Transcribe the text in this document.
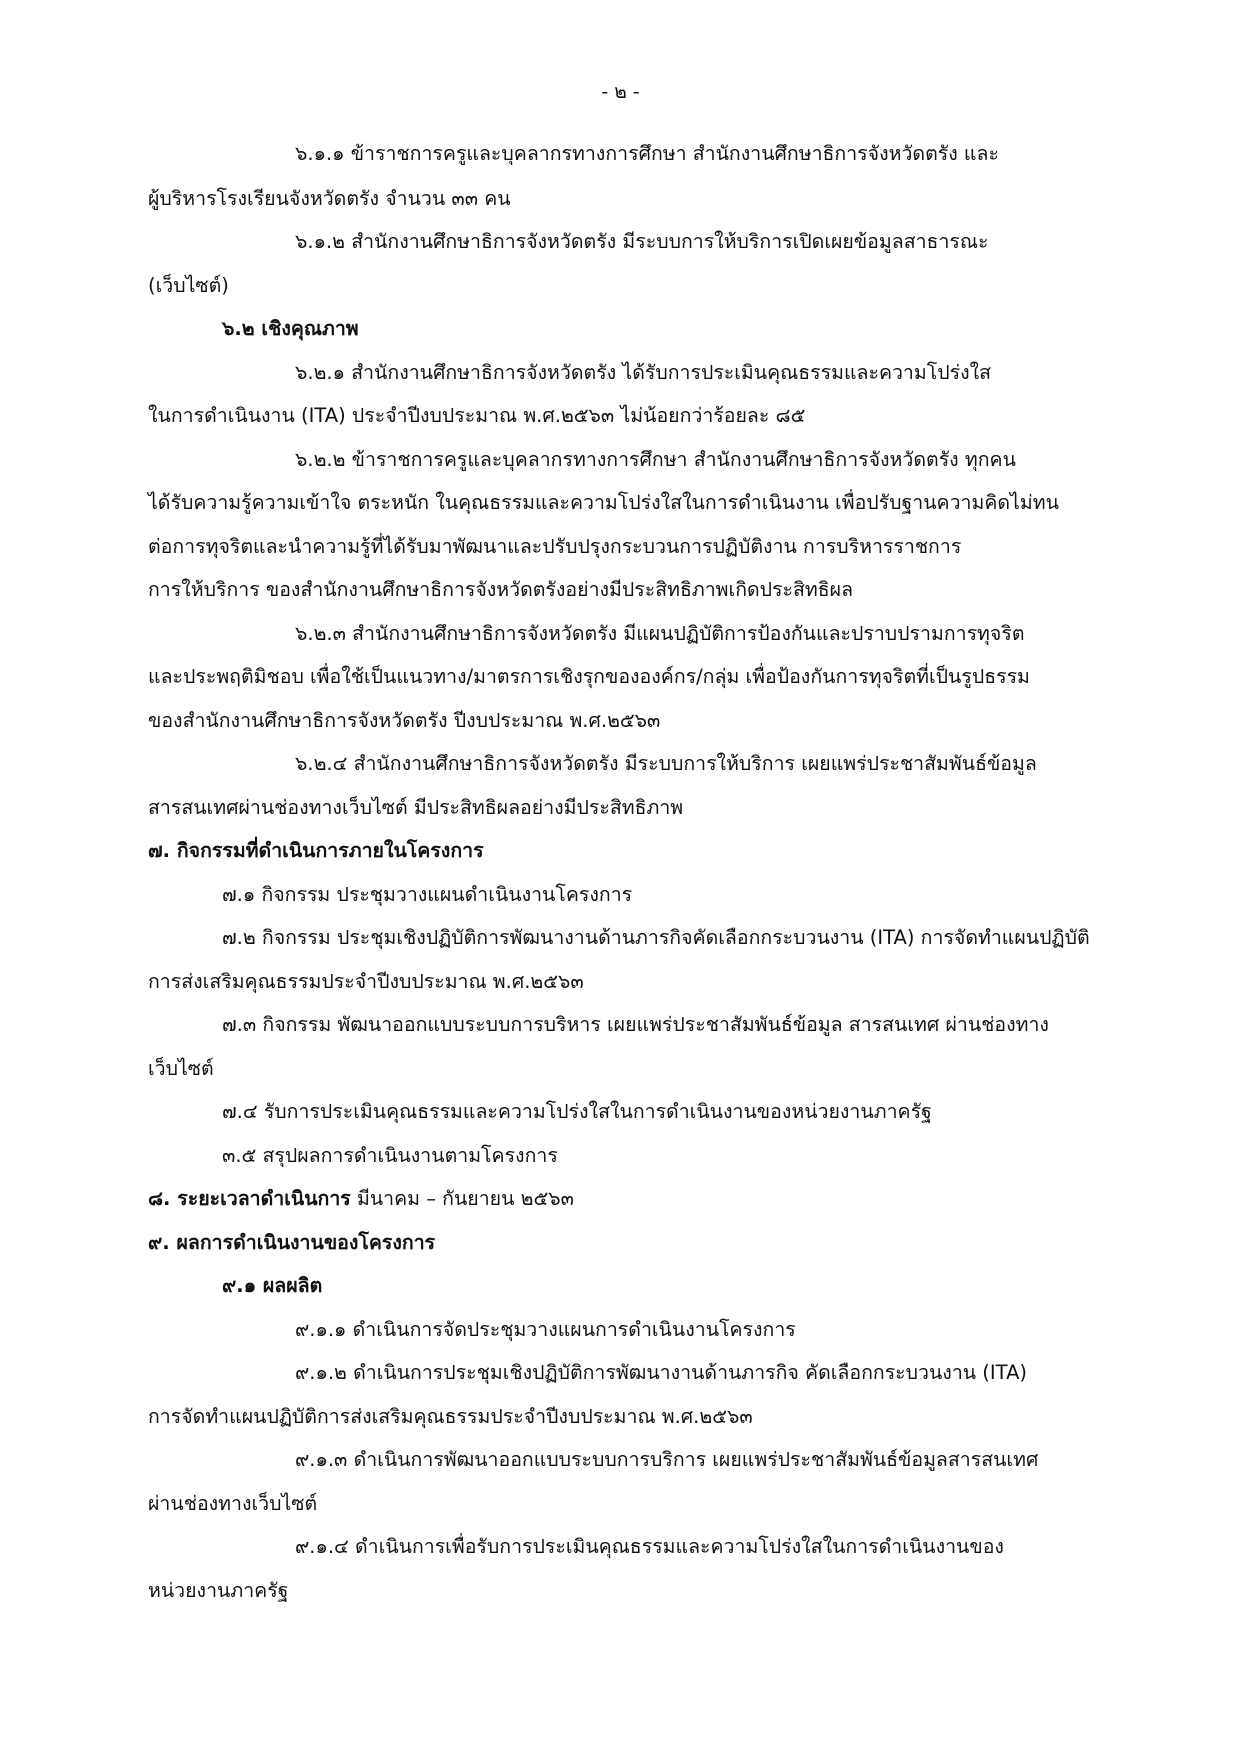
- ๒ -
๖.๑.๑ ข้าราชการครูและบุคลากรทางการศึกษา สำนักงานศึกษาธิการจังหวัดตรัง และ
ผู้บริหารโรงเรียนจังหวัดตรัง จำนวน ๓๓ คน
๖.๑.๒ สำนักงานศึกษาธิการจังหวัดตรัง มีระบบการให้บริการเปิดเผยข้อมูลสาธารณะ
(เว็บไซต์)
๖.๒ เชิงคุณภาพ
๖.๒.๑ สำนักงานศึกษาธิการจังหวัดตรัง ได้รับการประเมินคุณธรรมและความโปร่งใส
ในการดำเนินงาน (ITA) ประจำปีงบประมาณ พ.ศ.๒๕๖๓ ไม่น้อยกว่าร้อยละ ๘๕
๖.๒.๒ ข้าราชการครูและบุคลากรทางการศึกษา สำนักงานศึกษาธิการจังหวัดตรัง ทุกคน
ได้รับความรู้ความเข้าใจ ตระหนัก ในคุณธรรมและความโปร่งใสในการดำเนินงาน เพื่อปรับฐานความคิดไม่ทน
ต่อการทุจริตและนำความรู้ที่ได้รับมาพัฒนาและปรับปรุงกระบวนการปฏิบัติงาน การบริหารราชการ
การให้บริการ ของสำนักงานศึกษาธิการจังหวัดตรังอย่างมีประสิทธิภาพเกิดประสิทธิผล
๖.๒.๓ สำนักงานศึกษาธิการจังหวัดตรัง มีแผนปฏิบัติการป้องกันและปราบปรามการทุจริต
และประพฤติมิชอบ เพื่อใช้เป็นแนวทาง/มาตรการเชิงรุกขององค์กร/กลุ่ม เพื่อป้องกันการทุจริตที่เป็นรูปธรรม
ของสำนักงานศึกษาธิการจังหวัดตรัง ปีงบประมาณ พ.ศ.๒๕๖๓
๖.๒.๔ สำนักงานศึกษาธิการจังหวัดตรัง มีระบบการให้บริการ เผยแพร่ประชาสัมพันธ์ข้อมูล
สารสนเทศผ่านช่องทางเว็บไซต์ มีประสิทธิผลอย่างมีประสิทธิภาพ
๗. กิจกรรมที่ดำเนินการภายในโครงการ
๗.๑ กิจกรรม ประชุมวางแผนดำเนินงานโครงการ
๗.๒ กิจกรรม ประชุมเชิงปฏิบัติการพัฒนางานด้านภารกิจคัดเลือกกระบวนงาน (ITA) การจัดทำแผนปฏิบัติ
การส่งเสริมคุณธรรมประจำปีงบประมาณ พ.ศ.๒๕๖๓
๗.๓ กิจกรรม พัฒนาออกแบบระบบการบริหาร เผยแพร่ประชาสัมพันธ์ข้อมูล สารสนเทศ ผ่านช่องทาง
เว็บไซต์
๗.๔ รับการประเมินคุณธรรมและความโปร่งใสในการดำเนินงานของหน่วยงานภาครัฐ
๓.๕ สรุปผลการดำเนินงานตามโครงการ
๘. ระยะเวลาดำเนินการ มีนาคม – กันยายน ๒๕๖๓
๙. ผลการดำเนินงานของโครงการ
๙.๑ ผลผลิต
๙.๑.๑ ดำเนินการจัดประชุมวางแผนการดำเนินงานโครงการ
๙.๑.๒ ดำเนินการประชุมเชิงปฏิบัติการพัฒนางานด้านภารกิจ คัดเลือกกระบวนงาน (ITA)
การจัดทำแผนปฏิบัติการส่งเสริมคุณธรรมประจำปีงบประมาณ พ.ศ.๒๕๖๓
๙.๑.๓ ดำเนินการพัฒนาออกแบบระบบการบริการ เผยแพร่ประชาสัมพันธ์ข้อมูลสารสนเทศ
ผ่านช่องทางเว็บไซต์
๙.๑.๔ ดำเนินการเพื่อรับการประเมินคุณธรรมและความโปร่งใสในการดำเนินงานของ
หน่วยงานภาครัฐ
